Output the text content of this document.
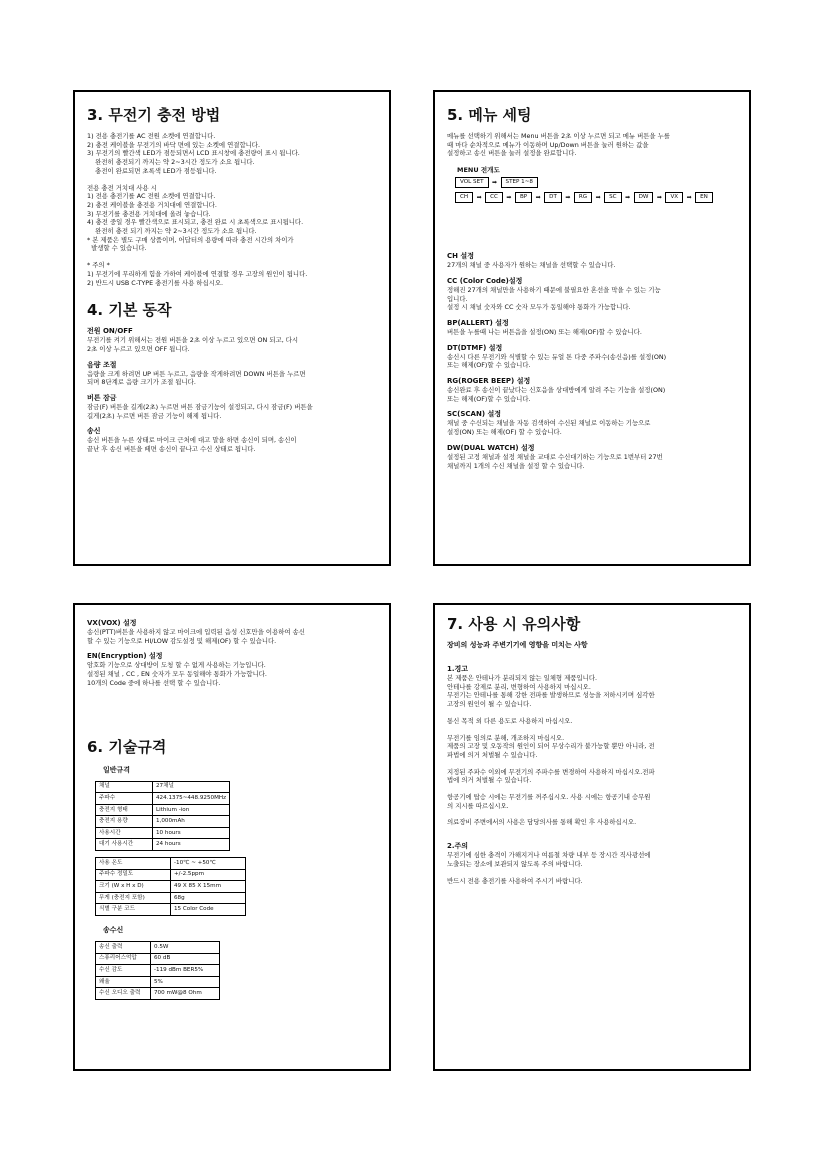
3. 무전기 충전 방법
1) 전용 충전기를 AC 전원 소켓에 연결합니다.
2) 충전 케이블을 무전기의 바닥 면에 있는 소켓에 연결합니다.
3) 무전기의 빨간색 LED가 점등되면서 LCD 표시창에 충전량이 표시 됩니다.
완전히 충전되기 까지는 약 2~3시간 정도가 소요 됩니다.
충전이 완료되면 초록색 LED가 점등됩니다.
전용 충전 거치대 사용 시
1) 전용 충전기를 AC 전원 소켓에 연결합니다.
2) 충전 케이블을 충전용 거치대에 연결합니다.
3) 무전기를 충전용 거치대에 올려 놓습니다.
4) 충전 중일 경우 빨간색으로 표시되고, 충전 완료 시 초록색으로 표시됩니다.
완전히 충전 되기 까지는 약 2~3시간 정도가 소요 됩니다.
* 본 제품은 별도 구매 상품이며, 어답터의 용량에 따라 충전 시간의 차이가
발생할 수 있습니다.
* 주의 *
1) 무전기에 무리하게 힘을 가하여 케이블에 연결할 경우 고장의 원인이 됩니다.
2) 반드시 USB C-TYPE 충전기를 사용 하십시오.
4. 기본 동작
전원 ON/OFF
무전기를 켜기 위해서는 전원 버튼을 2초 이상 누르고 있으면 ON 되고, 다시
2초 이상 누르고 있으면 OFF 됩니다.
음량 조절
음량을 크게 하려면 UP 버튼 누르고, 음량을 작게하려면 DOWN 버튼을 누르면
되며 8단계로 음량 크기가 조절 됩니다.
버튼 잠금
잠금(F) 버튼을 길게(2초) 누르면 버튼 잠금기능이 설정되고, 다시 잠금(F) 버튼을
길게(2초) 누르면 버튼 잠금 기능이 해제 됩니다.
송신
송신 버튼을 누른 상태로 마이크 근처에 대고 말을 하면 송신이 되며, 송신이
끝난 후 송신 버튼을 떼면 송신이 끝나고 수신 상태로 됩니다.
5. 메뉴 세팅
메뉴를 선택하기 위해서는 Menu 버튼을 2초 이상 누르면 되고 메뉴 버튼을 누를
때 마다 순차적으로 메뉴가 이동하며 Up/Down 버튼을 눌러 원하는 값을
설정하고 송신 버튼을 눌러 설정을 완료합니다.
MENU 전개도
VOL SET	➡	STEP 1~8
CH	➡	CC	➡	BP	➡	DT	➡	RG	➡	SC	➡	DW	➡	VX	➡	EN
CH 설정
27개의 채널 중 사용자가 원하는 채널을 선택할 수 있습니다.
CC (Color Code)설정
정해진 27개의 채널만을 사용하기 때문에 불필요한 혼선을 막을 수 있는 기능
입니다.
설정 시 채널 숫자와 CC 숫자 모두가 동일해야 통화가 가능합니다.
BP(ALLERT) 설정
버튼을 누를때 나는 버튼음을 설정(ON) 또는 해제(OF)할 수 있습니다.
DT(DTMF) 설정
송신시 다른 무전기와 식별할 수 있는 듀얼 톤 다중 주파수(송신음)를 설정(ON)
또는 해제(OF)할 수 있습니다.
RG(ROGER BEEP) 설정
송신완료 후 송신이 끝났다는 신호음을 상대방에게 알려 주는 기능을 설정(ON)
또는 해제(OF)할 수 있습니다.
SC(SCAN) 설정
채널 중 수신되는 채널을 자동 검색하여 수신된 채널로 이동하는 기능으로
설정(ON) 또는 해제(OF) 할 수 있습니다.
DW(DUAL WATCH) 설정
설정된 고정 채널과 설정 채널을 교대로 수신대기하는 기능으로 1번부터 27번
채널까지 1개의 수신 채널을 설정 할 수 있습니다.
VX(VOX) 설정
송신(PTT)버튼을 사용하지 않고 마이크에 입력된 음성 신호만을 이용하여 송신
할 수 있는 기능으로 HI/LOW 감도설정 및 해제(OF) 할 수 있습니다.
EN(Encryption) 설정
암호화 기능으로 상대방이 도청 할 수 없게 사용하는 기능입니다.
설정된 채널 , CC , EN 숫자가 모두 동일해야 통화가 가능합니다.
10개의 Code 중에 하나를 선택 할 수 있습니다.
6. 기술규격
일반규격
채널	27채널
주파수	424.1375~448.9250MHz
충전지 형태	Lithium -ion
충전지 용량	1,000mAh
사용시간	10 hours
대기 사용시간	24 hours
사용 온도	-10℃ ~ +50℃
주파수 정밀도	+/-2.5ppm
크기 (W x H x D)	49 X 85 X 15mm
무게 (충전지 포함)	68g
식별 구분 코드	15 Color Code
송수신
송신 출력	0.5W
스퓨리어스억압	60 dB
수신 감도	-119 dBm BER5%
왜율	5%
수신 오디오 출력	700 mW@8 Ohm
7. 사용 시 유의사항
장비의 성능과 주변기기에 영향을 미치는 사항
1.경고
본 제품은 안테나가 분리되지 않는 일체형 제품입니다.
안테나를 강제로 분리, 변형하여 사용하지 마십시오.
무전기는 안테나를 통해 강한 전파를 발생하므로 성능을 저하시키며 심각한
고장의 원인이 될 수 있습니다.
통신 목적 외 다른 용도로 사용하지 마십시오.
무전기를 임의로 분해, 개조하지 마십시오.
제품의 고장 및 오동작의 원인이 되어 무상수리가 불가능할 뿐만 아니라, 전
파법에 의거 처벌될 수 있습니다.
지정된 주파수 이외에 무전기의 주파수를 변경하여 사용하지 마십시오.전파
법에 의거 처벌될 수 있습니다.
항공기에 탑승 시에는 무전기를 꺼주십시오. 사용 시에는 항공기내 승무원
의 지시를 따르십시오.
의료장비 주변에서의 사용은 담당의사를 통해 확인 후 사용하십시오.
2.주의
무전기에 심한 충격이 가해지거나 여름철 차량 내부 등 장시간 직사광선에
노출되는 장소에 보관되지 않도록 주의 바랍니다.
반드시 전용 충전기를 사용하여 주시기 바랍니다.
